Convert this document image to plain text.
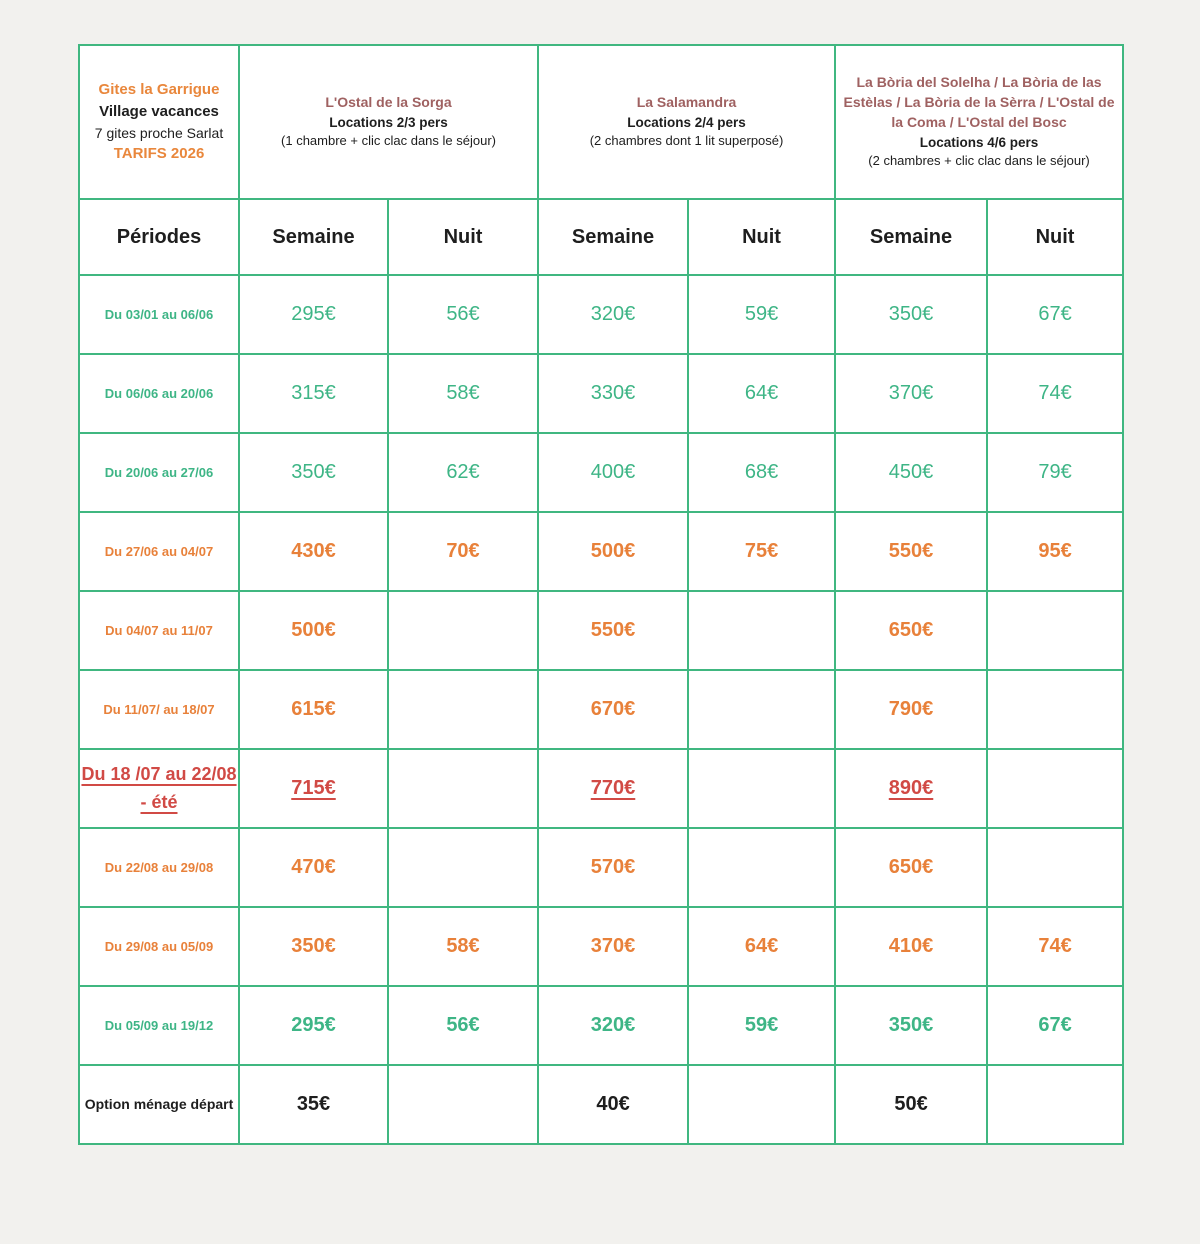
Gites la Garrigue
Village vacances
7 gites proche Sarlat
TARIFS 2026	L'Ostal de la Sorga
Locations 2/3 pers
(1 chambre + clic clac dans le séjour)		La Salamandra
Locations 2/4 pers
(2 chambres dont 1 lit superposé)		La Bòria del Solelha / La Bòria de las Estèlas / La Bòria de la Sèrra / L'Ostal de la Coma / L'Ostal del Bosc
Locations 4/6 pers
(2 chambres + clic clac dans le séjour)	

Périodes	Semaine	Nuit	Semaine	Nuit	Semaine	Nuit
Du 03/01 au 06/06	295€	56€	320€	59€	350€	67€
Du 06/06 au 20/06	315€	58€	330€	64€	370€	74€
Du 20/06 au 27/06	350€	62€	400€	68€	450€	79€
Du 27/06 au 04/07	430€	70€	500€	75€	550€	95€
Du 04/07 au 11/07	500€		550€		650€	
Du 11/07/ au 18/07	615€		670€		790€	
Du 18 /07 au 22/08 - été	715€		770€		890€	
Du 22/08 au 29/08	470€		570€		650€	
Du 29/08 au 05/09	350€	58€	370€	64€	410€	74€
Du 05/09 au 19/12	295€	56€	320€	59€	350€	67€
Option ménage départ	35€		40€		50€	
